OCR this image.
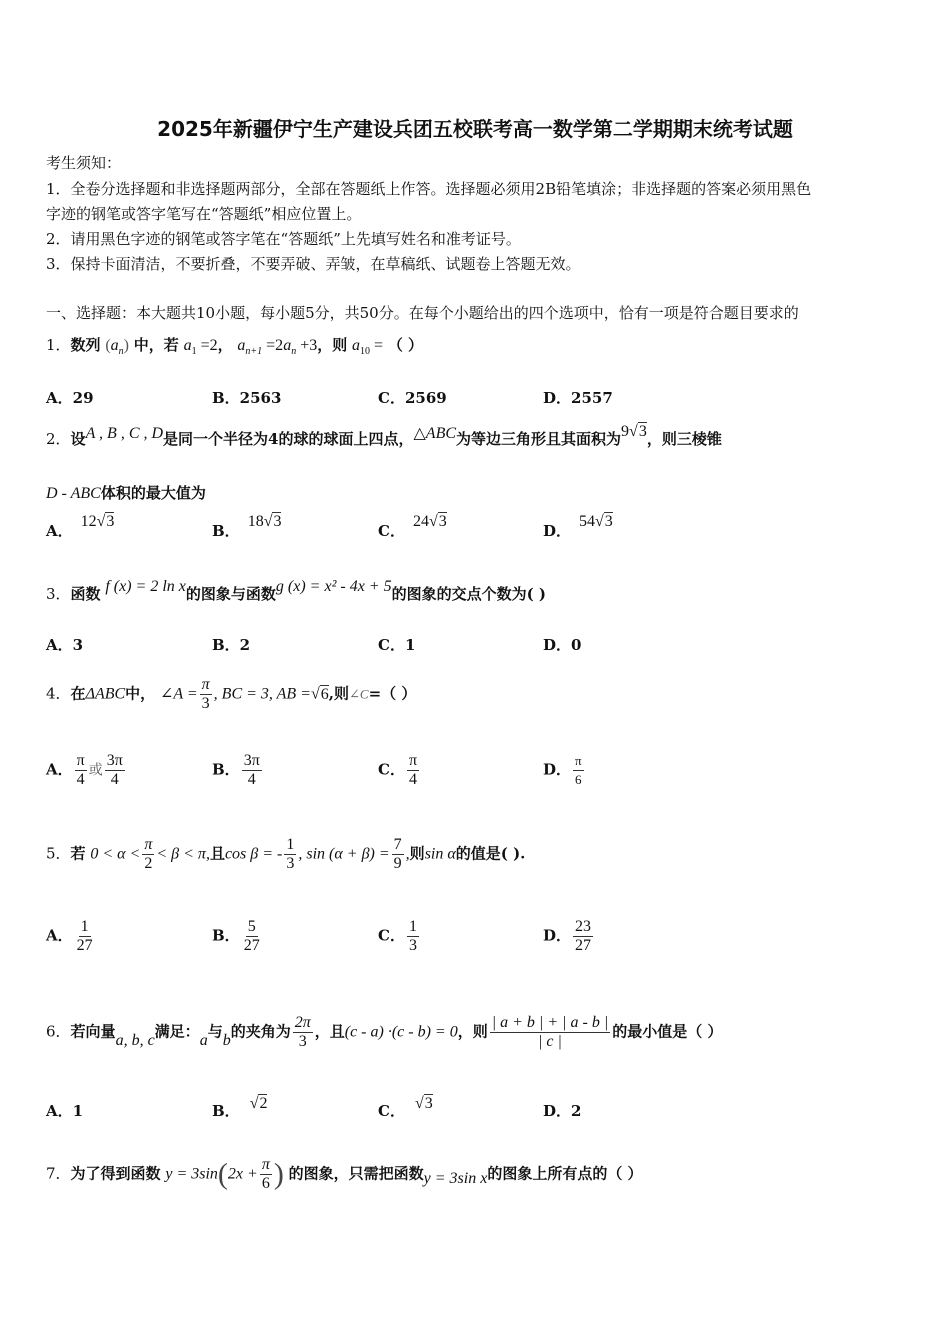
2025年新疆伊宁生产建设兵团五校联考高一数学第二学期期末统考试题
考生须知：
1．全卷分选择题和非选择题两部分，全部在答题纸上作答。选择题必须用2B铅笔填涂；非选择题的答案必须用黑色
字迹的钢笔或答字笔写在“答题纸”相应位置上。
2．请用黑色字迹的钢笔或答字笔在“答题纸”上先填写姓名和准考证号。
3．保持卡面清洁，不要折叠，不要弄破、弄皱，在草稿纸、试题卷上答题无效。
一、选择题：本大题共10小题，每小题5分，共50分。在每个小题给出的四个选项中，恰有一项是符合题目要求的
1．数列 $(a_n)$ 中，若 $a_1 =2$， $a_{n+1} =2a_n +3$，则 $a_{10}$ = （ ）
A．29	B．2563	C．2569	D．2557
2．设A , B , C , D是同一个半径为4的球的球面上四点，△ABC为等边三角形且其面积为9√3，则三棱锥
D - ABC体积的最大值为
A．12√3
B．18√3
C．24√3
D．54√3
3．函数 f (x) = 2 ln x的图象与函数g (x) = x² - 4x + 5的图象的交点个数为( )
A．3	B．2	C．1	D．0
4．在ΔABC中， ∠A = $\frac{\pi}{3}$ , BC = 3, AB =√6,则∠C=（ ）
A． $\frac{\pi}{4}$ 或 $\frac{3\pi}{4}$	B． $\frac{3\pi}{4}$	C． $\frac{\pi}{4}$	D． $\frac{\pi}{6}$
5．若 $0 < \alpha < \frac{\pi}{2} < \beta < \pi$,且cos β = - $\frac{1}{3}$ , $\sin (\alpha + \beta) = \frac{7}{9}$ ,则sin α的值是( ).
A． $\frac{1}{27}$	B． $\frac{5}{27}$	C． $\frac{1}{3}$	D． $\frac{23}{27}$
6．若向量a, b, c满足：a与b的夹角为 $\frac{2\pi}{3}$ ，且(c - a) ·(c - b) = 0，则 $\frac{| a + b | + | a - b |}{| c |}$ 的最小值是（ ）
A．1	B． √2	C． √3	D．2
7．为了得到函数 $y = 3\sin(2x + \frac{\pi}{6}$ ) 的图象，只需把函数y = 3sin x的图象上所有点的（ ）
